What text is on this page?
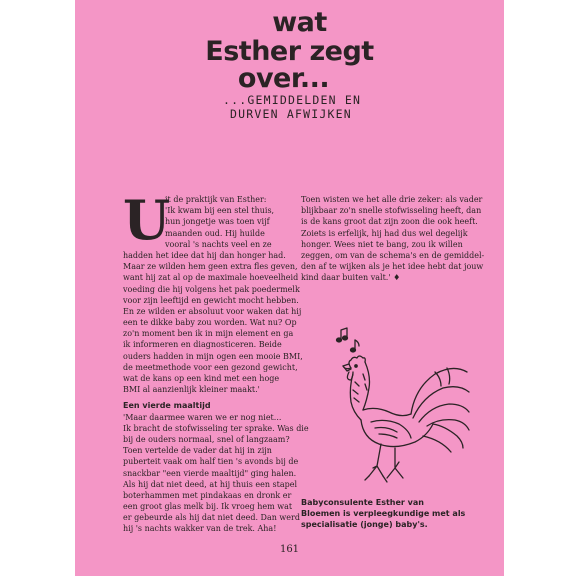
wat
Esther zegt
over...
...GEMIDDELDEN EN
DURVEN AFWIJKEN
U
it de praktijk van Esther:
'Ik kwam bij een stel thuis,
hun jongetje was toen vijf
maanden oud. Hij huilde
vooral 's nachts veel en ze
hadden het idee dat hij dan honger had.
Maar ze wilden hem geen extra fles geven,
want hij zat al op de maximale hoeveelheid
voeding die hij volgens het pak poedermelk
voor zijn leeftijd en gewicht mocht hebben.
En ze wilden er absoluut voor waken dat hij
een te dikke baby zou worden. Wat nu? Op
zo'n moment ben ik in mijn element en ga
ik informeren en diagnosticeren. Beide
ouders hadden in mijn ogen een mooie BMI,
de meetmethode voor een gezond gewicht,
wat de kans op een kind met een hoge
BMI al aanzienlijk kleiner maakt.'
Een vierde maaltijd
'Maar daarmee waren we er nog niet...
Ik bracht de stofwisseling ter sprake. Was die
bij de ouders normaal, snel of langzaam?
Toen vertelde de vader dat hij in zijn
puberteit vaak om half tien 's avonds bij de
snackbar "een vierde maaltijd" ging halen.
Als hij dat niet deed, at hij thuis een stapel
boterhammen met pindakaas en dronk er
een groot glas melk bij. Ik vroeg hem wat
er gebeurde als hij dat niet deed. Dan werd
hij 's nachts wakker van de trek. Aha!
Toen wisten we het alle drie zeker: als vader
blijkbaar zo'n snelle stofwisseling heeft, dan
is de kans groot dat zijn zoon die ook heeft.
Zoiets is erfelijk, hij had dus wel degelijk
honger. Wees niet te bang, zou ik willen
zeggen, om van de schema's en de gemiddel-
den af te wijken als je het idee hebt dat jouw
kind daar buiten valt.' ♦
Babyconsulente Esther van
Bloemen is verpleegkundige met als
specialisatie (jonge) baby's.
161
